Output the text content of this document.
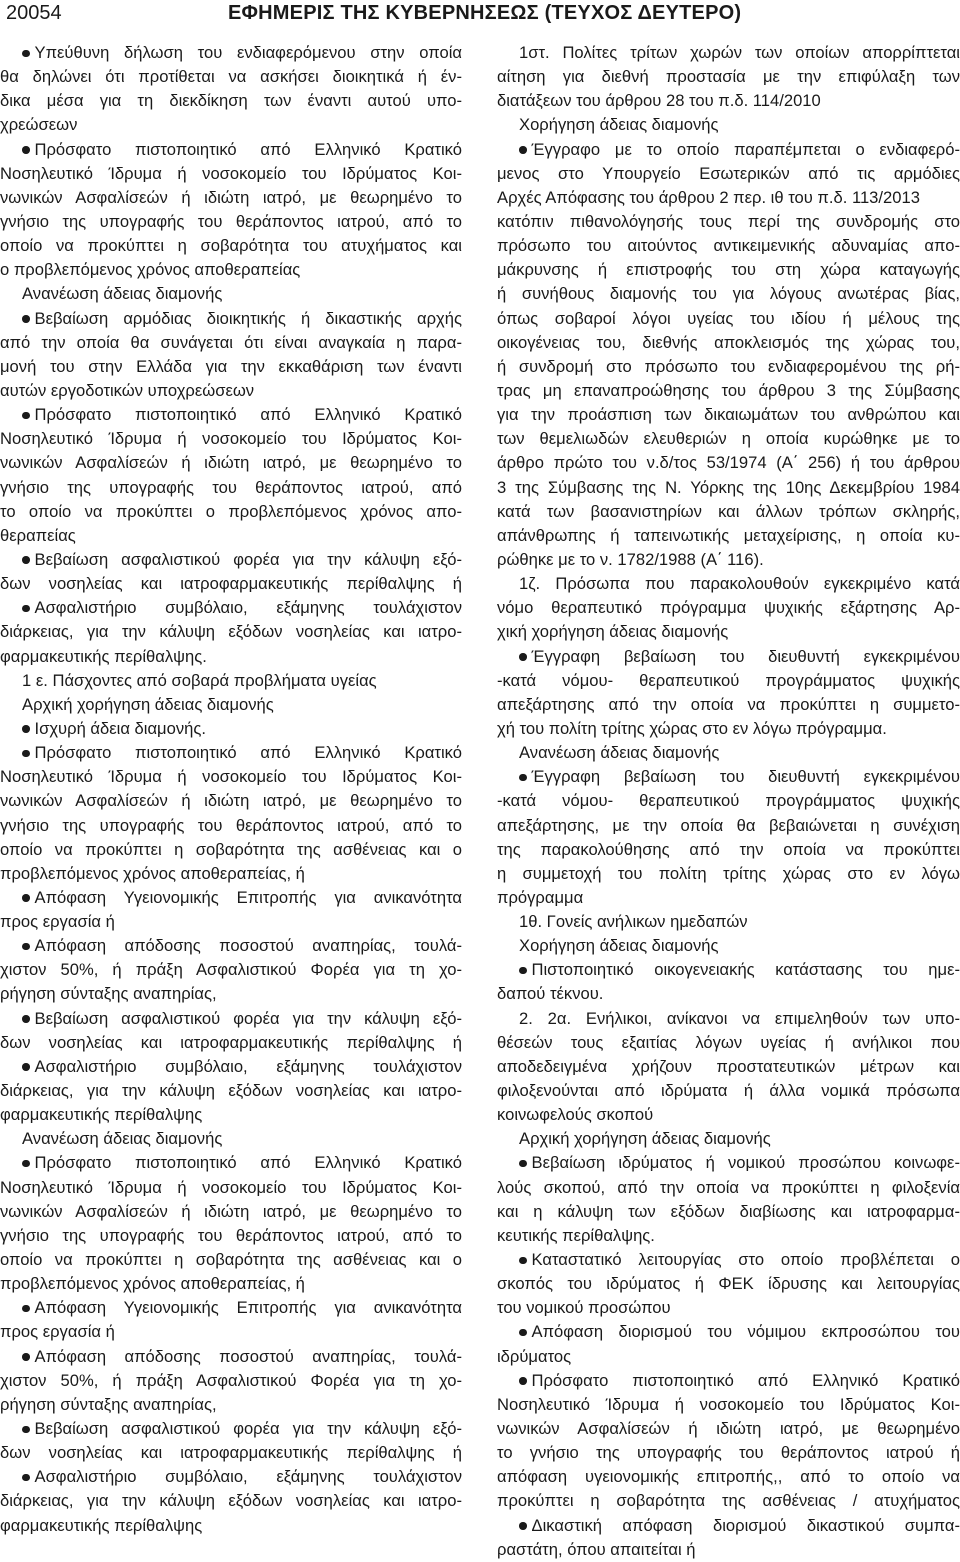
20054	ΕΦΗΜΕΡΙΣ ΤΗΣ ΚΥΒΕΡΝΗΣΕΩΣ (ΤΕΥΧΟΣ ΔΕΥΤΕΡΟ)
Υπεύθυνη δήλωση του ενδιαφερόμενου στην οποία
θα δηλώνει ότι προτίθεται να ασκήσει διοικητικά ή έν-
δικα μέσα για τη διεκδίκηση των έναντι αυτού υπο-
χρεώσεων
Πρόσφατο πιστοποιητικό από Ελληνικό Κρατικό
Νοσηλευτικό Ίδρυμα ή νοσοκομείο του Ιδρύματος Κοι-
νωνικών Ασφαλίσεών ή ιδιώτη ιατρό, με θεωρημένο το
γνήσιο της υπογραφής του θεράποντος ιατρού, από το
οποίο να προκύπτει η σοβαρότητα του ατυχήματος και
ο προβλεπόμενος χρόνος αποθεραπείας
Ανανέωση άδειας διαμονής
Βεβαίωση αρμόδιας διοικητικής ή δικαστικής αρχής
από την οποία θα συνάγεται ότι είναι αναγκαία η παρα-
μονή του στην Ελλάδα για την εκκαθάριση των έναντι
αυτών εργοδοτικών υποχρεώσεων
Πρόσφατο πιστοποιητικό από Ελληνικό Κρατικό
Νοσηλευτικό Ίδρυμα ή νοσοκομείο του Ιδρύματος Κοι-
νωνικών Ασφαλίσεών ή ιδιώτη ιατρό, με θεωρημένο το
γνήσιο της υπογραφής του θεράποντος ιατρού, από
το οποίο να προκύπτει ο προβλεπόμενος χρόνος απο-
θεραπείας
Βεβαίωση ασφαλιστικού φορέα για την κάλυψη εξό-
δων νοσηλείας και ιατροφαρμακευτικής περίθαλψης ή
Ασφαλιστήριο συμβόλαιο, εξάμηνης τουλάχιστον
διάρκειας, για την κάλυψη εξόδων νοσηλείας και ιατρο-
φαρμακευτικής περίθαλψης.
1 ε. Πάσχοντες από σοβαρά προβλήματα υγείας
Αρχική χορήγηση άδειας διαμονής
Ισχυρή άδεια διαμονής.
Πρόσφατο πιστοποιητικό από Ελληνικό Κρατικό
Νοσηλευτικό Ίδρυμα ή νοσοκομείο του Ιδρύματος Κοι-
νωνικών Ασφαλίσεών ή ιδιώτη ιατρό, με θεωρημένο το
γνήσιο της υπογραφής του θεράποντος ιατρού, από το
οποίο να προκύπτει η σοβαρότητα της ασθένειας και ο
προβλεπόμενος χρόνος αποθεραπείας, ή
Απόφαση Υγειονομικής Επιτροπής για ανικανότητα
προς εργασία ή
Απόφαση απόδοσης ποσοστού αναπηρίας, τουλά-
χιστον 50%, ή πράξη Ασφαλιστικού Φορέα για τη χο-
ρήγηση σύνταξης αναπηρίας,
Βεβαίωση ασφαλιστικού φορέα για την κάλυψη εξό-
δων νοσηλείας και ιατροφαρμακευτικής περίθαλψης ή
Ασφαλιστήριο συμβόλαιο, εξάμηνης τουλάχιστον
διάρκειας, για την κάλυψη εξόδων νοσηλείας και ιατρο-
φαρμακευτικής περίθαλψης
Ανανέωση άδειας διαμονής
Πρόσφατο πιστοποιητικό από Ελληνικό Κρατικό
Νοσηλευτικό Ίδρυμα ή νοσοκομείο του Ιδρύματος Κοι-
νωνικών Ασφαλίσεών ή ιδιώτη ιατρό, με θεωρημένο το
γνήσιο της υπογραφής του θεράποντος ιατρού, από το
οποίο να προκύπτει η σοβαρότητα της ασθένειας και ο
προβλεπόμενος χρόνος αποθεραπείας, ή
Απόφαση Υγειονομικής Επιτροπής για ανικανότητα
προς εργασία ή
Απόφαση απόδοσης ποσοστού αναπηρίας, τουλά-
χιστον 50%, ή πράξη Ασφαλιστικού Φορέα για τη χο-
ρήγηση σύνταξης αναπηρίας,
Βεβαίωση ασφαλιστικού φορέα για την κάλυψη εξό-
δων νοσηλείας και ιατροφαρμακευτικής περίθαλψης ή
Ασφαλιστήριο συμβόλαιο, εξάμηνης τουλάχιστον
διάρκειας, για την κάλυψη εξόδων νοσηλείας και ιατρο-
φαρμακευτικής περίθαλψης
1στ. Πολίτες τρίτων χωρών των οποίων απορρίπτεται
αίτηση για διεθνή προστασία με την επιφύλαξη των
διατάξεων του άρθρου 28 του π.δ. 114/2010
Χορήγηση άδειας διαμονής
Έγγραφο με το οποίο παραπέμπεται ο ενδιαφερό-
μενος στο Υπουργείο Εσωτερικών από τις αρμόδιες
Αρχές Απόφασης του άρθρου 2 περ. ιθ του π.δ. 113/2013
κατόπιν πιθανολόγησής τους περί της συνδρομής στο
πρόσωπο του αιτούντος αντικειμενικής αδυναμίας απο-
μάκρυνσης ή επιστροφής του στη χώρα καταγωγής
ή συνήθους διαμονής του για λόγους ανωτέρας βίας,
όπως σοβαροί λόγοι υγείας του ιδίου ή μέλους της
οικογένειας του, διεθνής αποκλεισμός της χώρας του,
ή συνδρομή στο πρόσωπο του ενδιαφερομένου της ρή-
τρας μη επαναπροώθησης του άρθρου 3 της Σύμβασης
για την προάσπιση των δικαιωμάτων του ανθρώπου και
των θεμελιωδών ελευθεριών η οποία κυρώθηκε με το
άρθρο πρώτο του ν.δ/τος 53/1974 (Α΄ 256) ή του άρθρου
3 της Σύμβασης της Ν. Υόρκης της 10ης Δεκεμβρίου 1984
κατά των βασανιστηρίων και άλλων τρόπων σκληρής,
απάνθρωπης ή ταπεινωτικής μεταχείρισης, η οποία κυ-
ρώθηκε με το ν. 1782/1988 (Α΄ 116).
1ζ. Πρόσωπα που παρακολουθούν εγκεκριμένο κατά
νόμο θεραπευτικό πρόγραμμα ψυχικής εξάρτησης Αρ-
χική χορήγηση άδειας διαμονής
Έγγραφη βεβαίωση του διευθυντή εγκεκριμένου
-κατά νόμου- θεραπευτικού προγράμματος ψυχικής
απεξάρτησης από την οποία να προκύπτει η συμμετο-
χή του πολίτη τρίτης χώρας στο εν λόγω πρόγραμμα.
Ανανέωση άδειας διαμονής
Έγγραφη βεβαίωση του διευθυντή εγκεκριμένου
-κατά νόμου- θεραπευτικού προγράμματος ψυχικής
απεξάρτησης, με την οποία θα βεβαιώνεται η συνέχιση
της παρακολούθησης από την οποία να προκύπτει
η συμμετοχή του πολίτη τρίτης χώρας στο εν λόγω
πρόγραμμα
1θ. Γονείς ανήλικων ημεδαπών
Χορήγηση άδειας διαμονής
Πιστοποιητικό οικογενειακής κατάστασης του ημε-
δαπού τέκνου.
2. 2α. Ενήλικοι, ανίκανοι να επιμεληθούν των υπο-
θέσεών τους εξαιτίας λόγων υγείας ή ανήλικοι που
αποδεδειγμένα χρήζουν προστατευτικών μέτρων και
φιλοξενούνται από ιδρύματα ή άλλα νομικά πρόσωπα
κοινωφελούς σκοπού
Αρχική χορήγηση άδειας διαμονής
Βεβαίωση ιδρύματος ή νομικού προσώπου κοινωφε-
λούς σκοπού, από την οποία να προκύπτει η φιλοξενία
και η κάλυψη των εξόδων διαβίωσης και ιατροφαρμα-
κευτικής περίθαλψης.
Καταστατικό λειτουργίας στο οποίο προβλέπεται ο
σκοπός του ιδρύματος ή ΦΕΚ ίδρυσης και λειτουργίας
του νομικού προσώπου
Απόφαση διορισμού του νόμιμου εκπροσώπου του
ιδρύματος
Πρόσφατο πιστοποιητικό από Ελληνικό Κρατικό
Νοσηλευτικό Ίδρυμα ή νοσοκομείο του Ιδρύματος Κοι-
νωνικών Ασφαλίσεών ή ιδιώτη ιατρό, με θεωρημένο
το γνήσιο της υπογραφής του θεράποντος ιατρού ή
απόφαση υγειονομικής επιτροπής,, από το οποίο να
προκύπτει η σοβαρότητα της ασθένειας / ατυχήματος
Δικαστική απόφαση διορισμού δικαστικού συμπα-
ραστάτη, όπου απαιτείται ή
